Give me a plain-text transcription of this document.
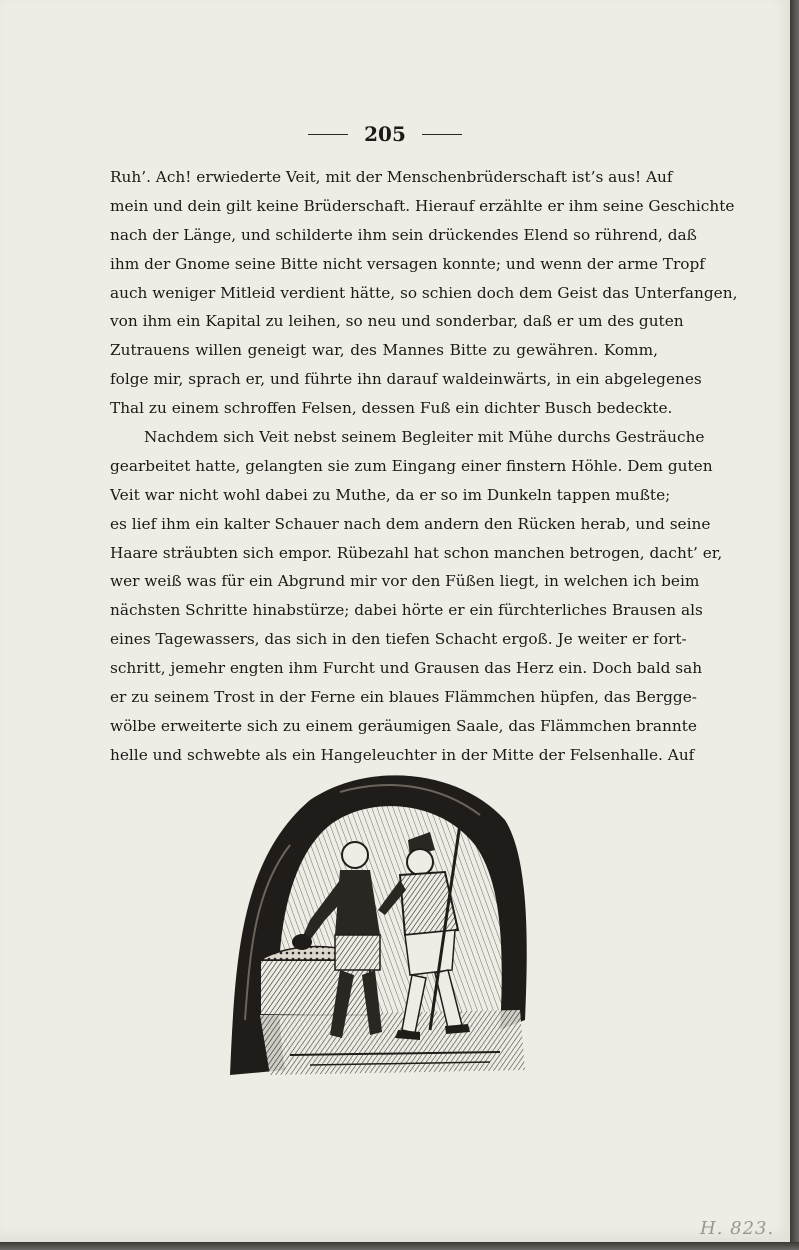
205
Ruh’. Ach! erwiederte Veit, mit der Menschenbrüderschaft ist’s aus! Auf
mein und dein gilt keine Brüderschaft. Hierauf erzählte er ihm seine Geschichte
nach der Länge, und schilderte ihm sein drückendes Elend so rührend, daß
ihm der Gnome seine Bitte nicht versagen konnte; und wenn der arme Tropf
auch weniger Mitleid verdient hätte, so schien doch dem Geist das Unterfangen,
von ihm ein Kapital zu leihen, so neu und sonderbar, daß er um des guten
Zutrauens willen geneigt war, des Mannes Bitte zu gewähren. Komm,
folge mir, sprach er, und führte ihn darauf waldeinwärts, in ein abgelegenes
Thal zu einem schroffen Felsen, dessen Fuß ein dichter Busch bedeckte.
Nachdem sich Veit nebst seinem Begleiter mit Mühe durchs Gesträuche
gearbeitet hatte, gelangten sie zum Eingang einer finstern Höhle. Dem guten
Veit war nicht wohl dabei zu Muthe, da er so im Dunkeln tappen mußte;
es lief ihm ein kalter Schauer nach dem andern den Rücken herab, und seine
Haare sträubten sich empor. Rübezahl hat schon manchen betrogen, dacht’ er,
wer weiß was für ein Abgrund mir vor den Füßen liegt, in welchen ich beim
nächsten Schritte hinabstürze; dabei hörte er ein fürchterliches Brausen als
eines Tagewassers, das sich in den tiefen Schacht ergoß. Je weiter er fort-
schritt, jemehr engten ihm Furcht und Grausen das Herz ein. Doch bald sah
er zu seinem Trost in der Ferne ein blaues Flämmchen hüpfen, das Bergge-
wölbe erweiterte sich zu einem geräumigen Saale, das Flämmchen brannte
helle und schwebte als ein Hangeleuchter in der Mitte der Felsenhalle. Auf
H. 823.
